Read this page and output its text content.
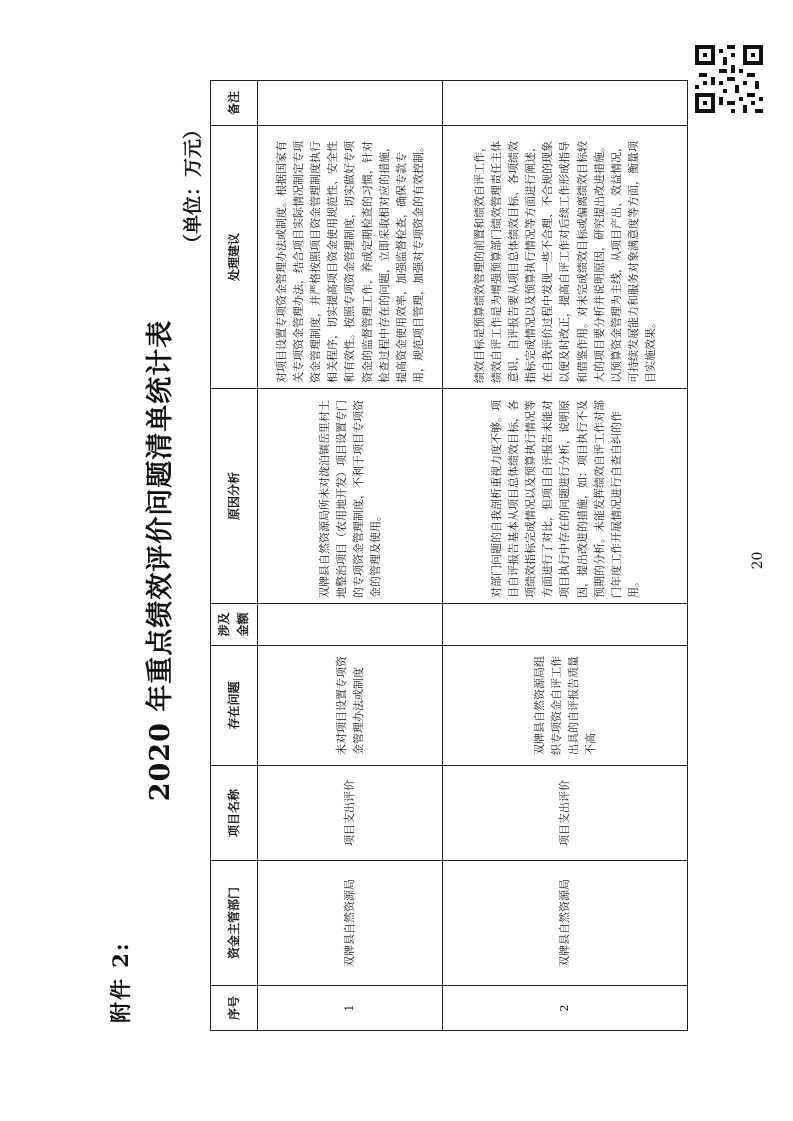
附件 2:
2020 年重点绩效评价问题清单统计表
（单位：万元）
序号	资金主管部门	项目名称	存在问题	涉及金额	原因分析	处理建议	备注
1	双牌县自然资源局	项目支出评价	未对项目设置专项资金管理办法或制度		双牌县自然资源局所未对泷泊镇岳里村土地整治项目（农用地开发）项目设置专门的专项资金管理制度，不利于项目专项资金的管理及使用。	对项目设置专项资金管理办法或制度。根据国家有关专项资金管理办法，结合项目实际情况制定专项资金管理制度，并严格按照项目资金管理制度执行相关程序，切实提高项目资金使用规范性、安全性和有效性。按照专项资金管理制度，切实做好专项资金的监督管理工作，养成定期检查的习惯，针对检查过程中存在的问题，立即采取相对应的措施，提高资金使用效率，加强监督检查，确保专款专用，规范项目管理，加强对专项资金的有效控制。	
2	双牌县自然资源局	项目支出评价	双牌县自然资源局组织专项资金自评工作出具的自评报告质量不高		对部门问题的自我剖析重视力度不够。项目自评报告基本从项目总体绩效目标，各项绩效指标完成情况以及预算执行情况等方面进行了对比，但项目自评报告未能对项目执行中存在的问题进行分析，说明原因，提出改进的措施，如：项目执行不及预期的分析。未能发挥绩效自评工作对部门年度工作开展情况进行自查自纠的作用。	绩效目标是预算绩效管理的前置和绩效自评工作，绩效自评工作是为增强预算部门绩效管理责任主体意识，自评报告要从项目总体绩效目标、各项绩效指标完成情况以及预算执行情况等方面进行阐述，在自我评价过程中发现一些不合理、不合规的现象以便及时改正，提高自评工作对后续工作形成指导和借鉴作用。对未完成绩效目标或偏离绩效目标较大的项目要分析并说明原因，研究提出改进措施。以预算资金管理为主线，从项目产出、效益情况，可持续发展能力和服务对象满意度等方面，衡量项目实施效果。	
20
